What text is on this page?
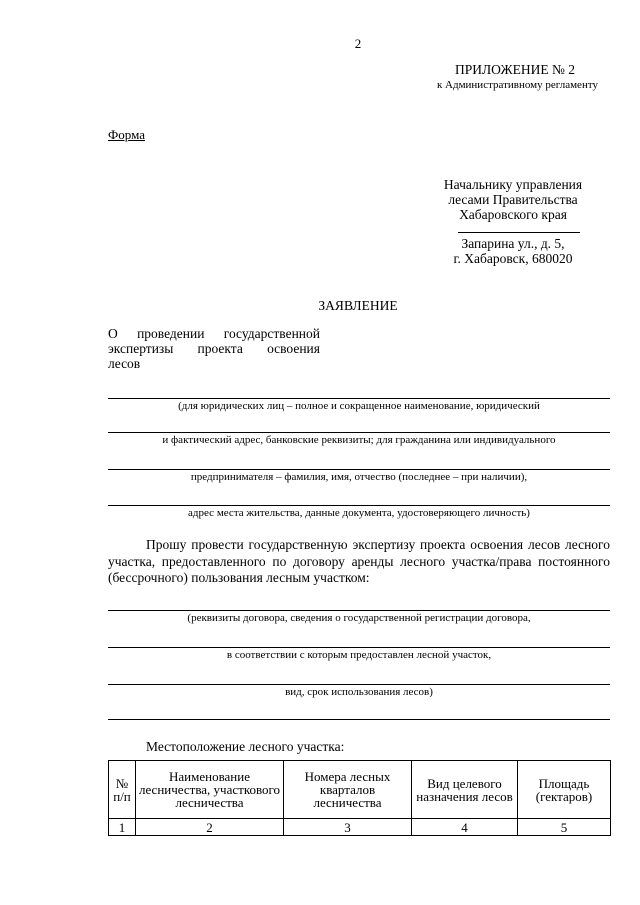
2
ПРИЛОЖЕНИЕ № 2
к Административному регламенту
Форма
Начальнику управления
лесами Правительства
Хабаровского края
Запарина ул., д. 5,
г. Хабаровск, 680020
ЗАЯВЛЕНИЕ
О проведении государственной
экспертизы проекта освоения
лесов
(для юридических лиц – полное и сокращенное наименование, юридический
и фактический адрес, банковские реквизиты; для гражданина или индивидуального
предпринимателя – фамилия, имя, отчество (последнее – при наличии),
адрес места жительства, данные документа, удостоверяющего личность)

Прошу провести государственную экспертизу проекта освоения лесов лесного участка, предоставленного по договору аренды лесного участка/права постоянного (бессрочного) пользования лесным участком:

(реквизиты договора, сведения о государственной регистрации договора,
в соответствии с которым предоставлен лесной участок,
вид, срок использования лесов)
Местоположение лесного участка:
№ п/п	Наименование лесничества, участкового лесничества	Номера лесных кварталов лесничества	Вид целевого назначения лесов	Площадь (гектаров)
1	2	3	4	5
